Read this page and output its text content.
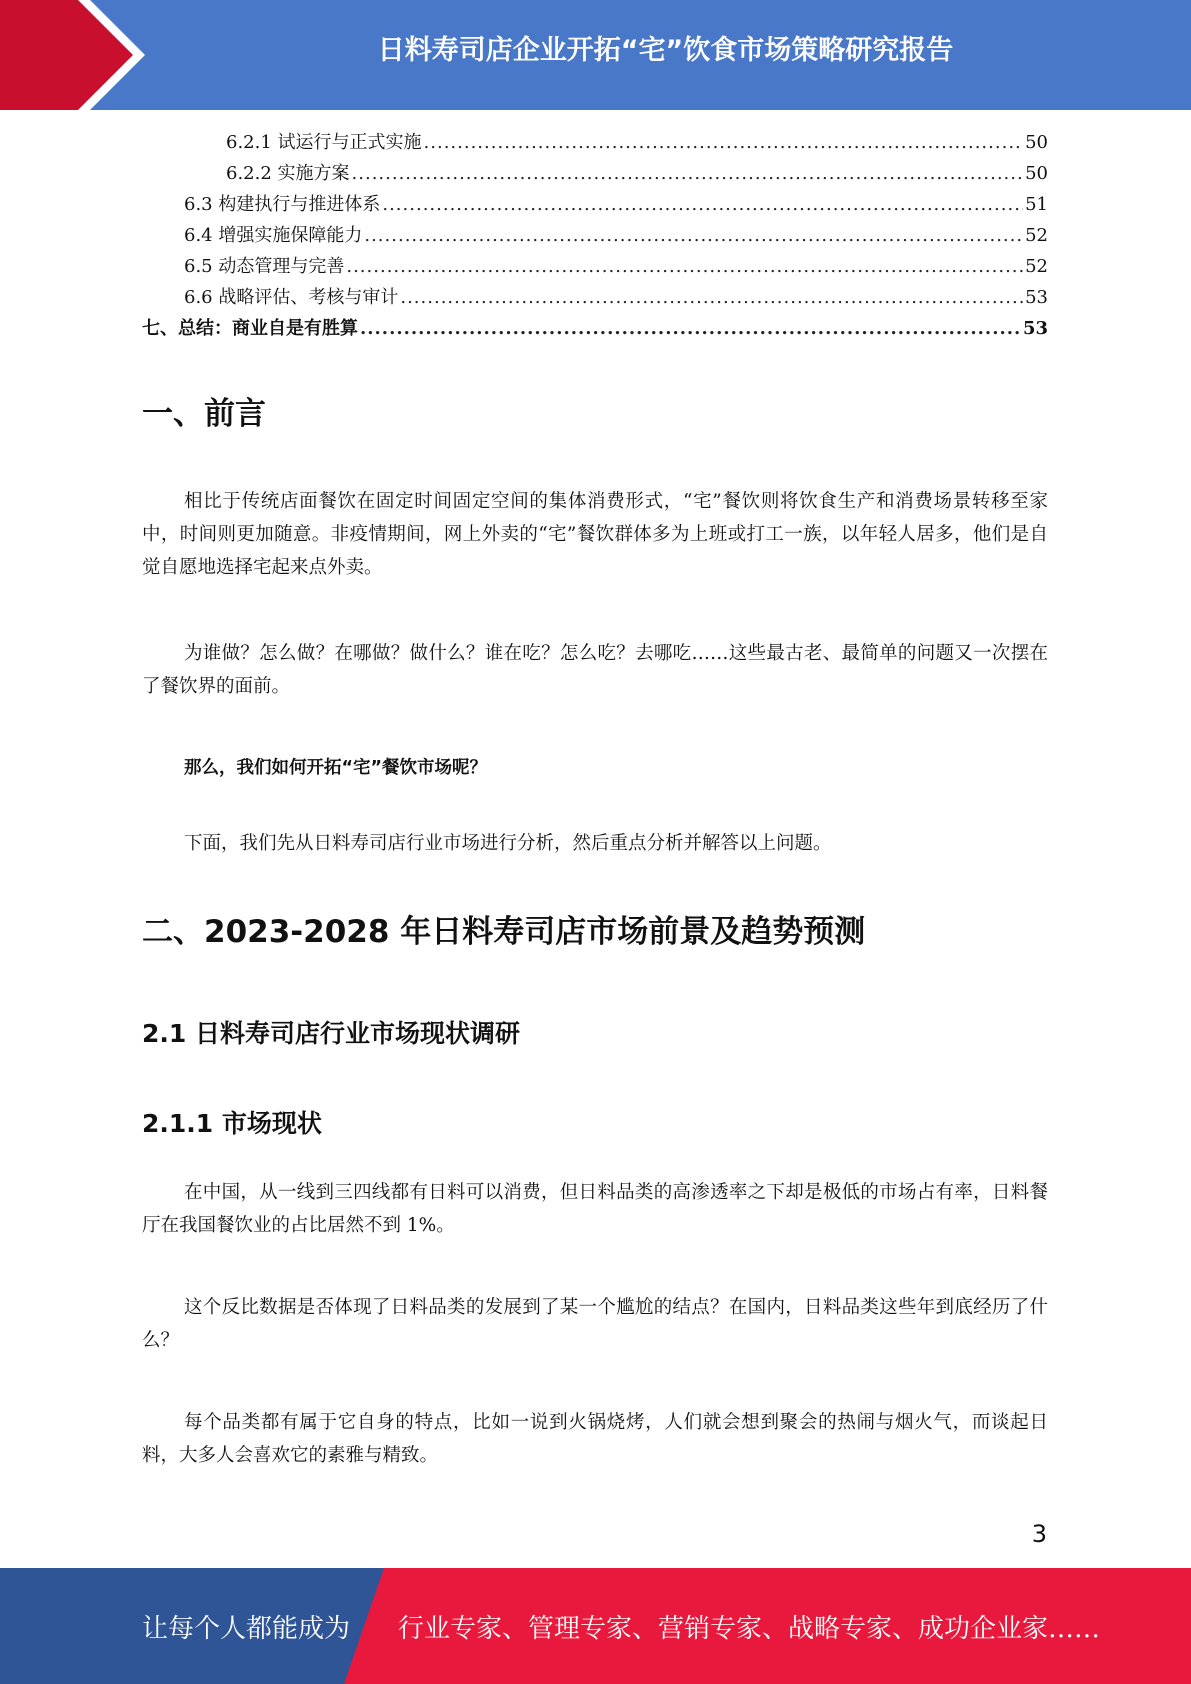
日料寿司店企业开拓“宅”饮食市场策略研究报告
6.2.1 试运行与正式实施 .....	50
6.2.2 实施方案 .....	50
6.3 构建执行与推进体系 .....	51
6.4 增强实施保障能力 .....	52
6.5 动态管理与完善 .....	52
6.6 战略评估、考核与审计 .....	53
七、总结：商业自是有胜算 .....	53
一、前言
相比于传统店面餐饮在固定时间固定空间的集体消费形式，“宅”餐饮则将饮食生产和消费场景转移至家中，时间则更加随意。非疫情期间，网上外卖的“宅”餐饮群体多为上班或打工一族，以年轻人居多，他们是自觉自愿地选择宅起来点外卖。
为谁做？怎么做？在哪做？做什么？谁在吃？怎么吃？去哪吃……这些最古老、最简单的问题又一次摆在了餐饮界的面前。
那么，我们如何开拓“宅”餐饮市场呢？
下面，我们先从日料寿司店行业市场进行分析，然后重点分析并解答以上问题。
二、2023-2028 年日料寿司店市场前景及趋势预测
2.1 日料寿司店行业市场现状调研
2.1.1 市场现状
在中国，从一线到三四线都有日料可以消费，但日料品类的高渗透率之下却是极低的市场占有率，日料餐厅在我国餐饮业的占比居然不到 1%。
这个反比数据是否体现了日料品类的发展到了某一个尴尬的结点？在国内，日料品类这些年到底经历了什么？
每个品类都有属于它自身的特点，比如一说到火锅烧烤，人们就会想到聚会的热闹与烟火气，而谈起日料，大多人会喜欢它的素雅与精致。
3
让每个人都能成为 行业专家、管理专家、营销专家、战略专家、成功企业家……
